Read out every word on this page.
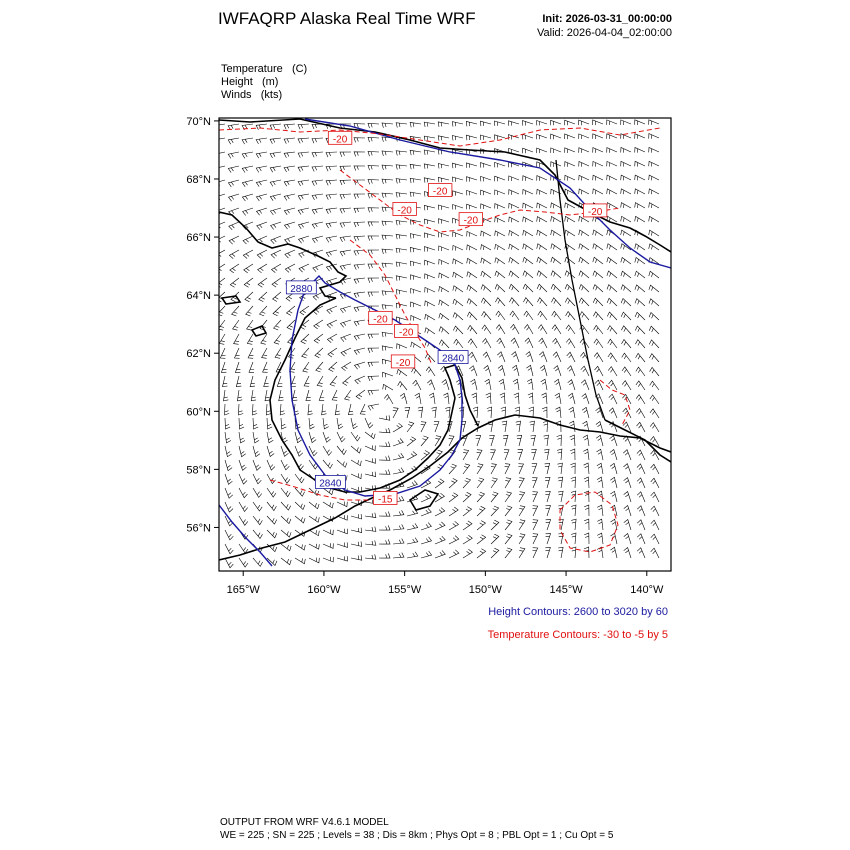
IWFAQRP Alaska Real Time WRF	Init: 2026-03-31_00:00:00
Valid: 2026-04-04_02:00:00
Temperature (C)
Height (m)
Winds (kts)
70°N
68°N
66°N
64°N
62°N
60°N
58°N
56°N
165°W	160°W	155°W	150°W	145°W	140°W
2880
2840
2840
-20
-20
-20
-20
-20
-20
-20
-20
-15
Height Contours: 2600 to 3020 by 60
Temperature Contours: -30 to -5 by 5
OUTPUT FROM WRF V4.6.1 MODEL
WE = 225 ; SN = 225 ; Levels = 38 ; Dis = 8km ; Phys Opt = 8 ; PBL Opt = 1 ; Cu Opt = 5
